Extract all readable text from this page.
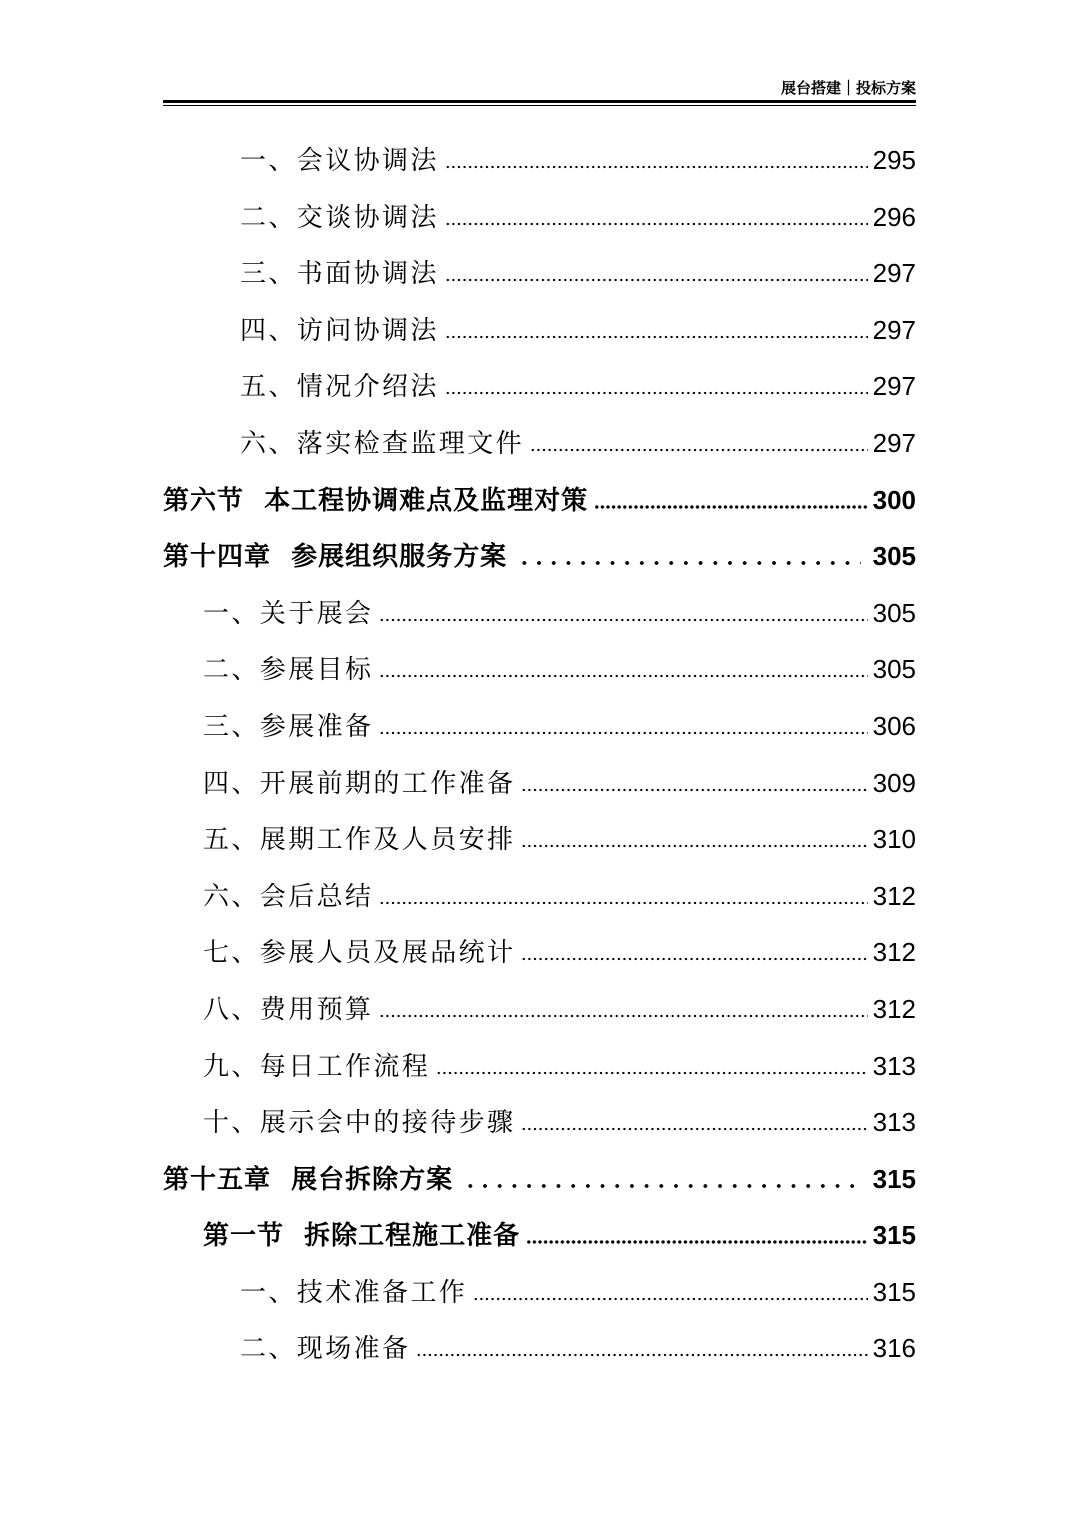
展台搭建｜投标方案
一、会议协调法	295
二、交谈协调法	296
三、书面协调法	297
四、访问协调法	297
五、情况介绍法	297
六、落实检查监理文件	297
第六节  本工程协调难点及监理对策	300
第十四章  参展组织服务方案	305
一、关于展会	305
二、参展目标	305
三、参展准备	306
四、开展前期的工作准备	309
五、展期工作及人员安排	310
六、会后总结	312
七、参展人员及展品统计	312
八、费用预算	312
九、每日工作流程	313
十、展示会中的接待步骤	313
第十五章  展台拆除方案	315
第一节  拆除工程施工准备	315
一、技术准备工作	315
二、现场准备	316
